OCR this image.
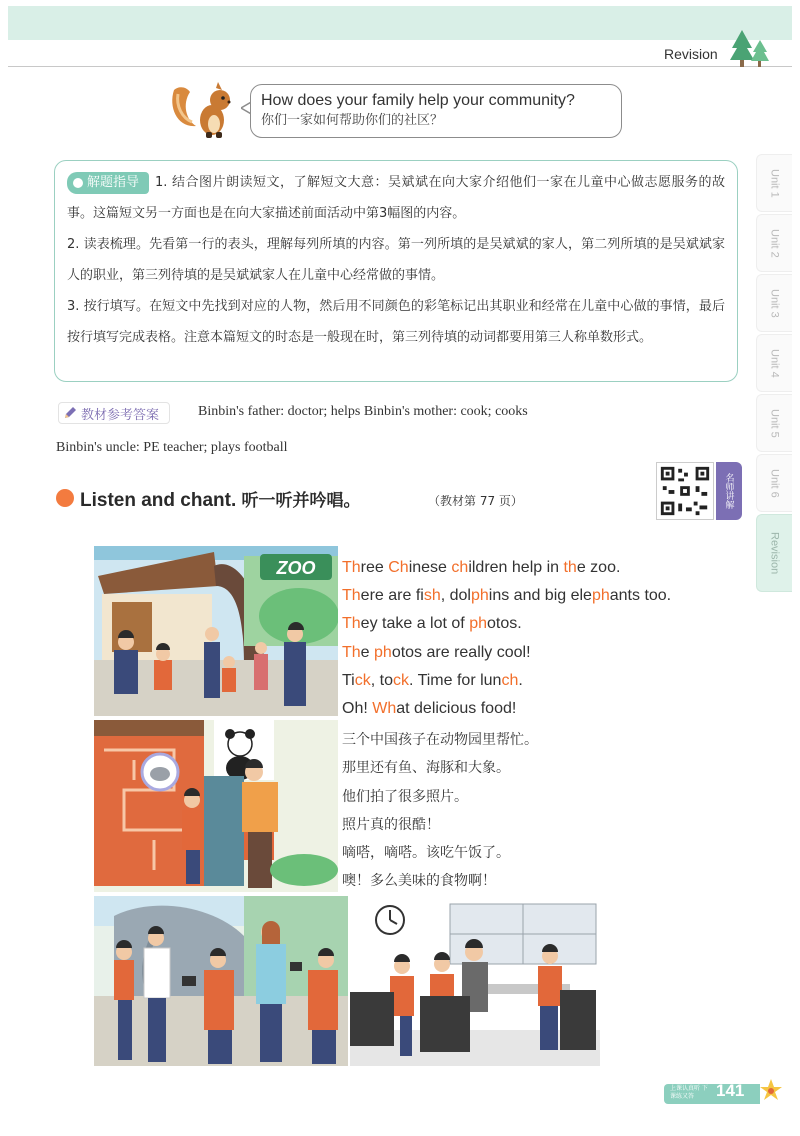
Revision
Unit 1
Unit 2
Unit 3
Unit 4
Unit 5
Unit 6
Revision
How does your family help your community?
你们一家如何帮助你们的社区？

解题指导 1. 结合图片朗读短文，了解短文大意：吴斌斌在向大家介绍他们一家在儿童中心做志愿服务的故事。这篇短文另一方面也是在向大家描述前面活动中第3幅图的内容。

2. 读表梳理。先看第一行的表头，理解每列所填的内容。第一列所填的是吴斌斌的家人，第二列所填的是吴斌斌家人的职业，第三列待填的是吴斌斌家人在儿童中心经常做的事情。

3. 按行填写。在短文中先找到对应的人物，然后用不同颜色的彩笔标记出其职业和经常在儿童中心做的事情，最后按行填写完成表格。注意本篇短文的时态是一般现在时，第三列待填的动词都要用第三人称单数形式。

教材参考答案	Binbin's father: doctor; helps Binbin's mother: cook; cooks
Binbin's uncle: PE teacher; plays football
Listen and chant. 听一听并吟唱。	（教材第 77 页）	名师讲解
ZOO Three Chinese children help in the zoo.
There are fish, dolphins and big elephants too.
They take a lot of photos.
The photos are really cool!
Tick, tock. Time for lunch.
Oh! What delicious food!
三个中国孩子在动物园里帮忙。
那里还有鱼、海豚和大象。
他们拍了很多照片。
照片真的很酷！
嘀嗒，嘀嗒。该吃午饭了。
噢！多么美味的食物啊！
上课认真听 下课练又答	141
